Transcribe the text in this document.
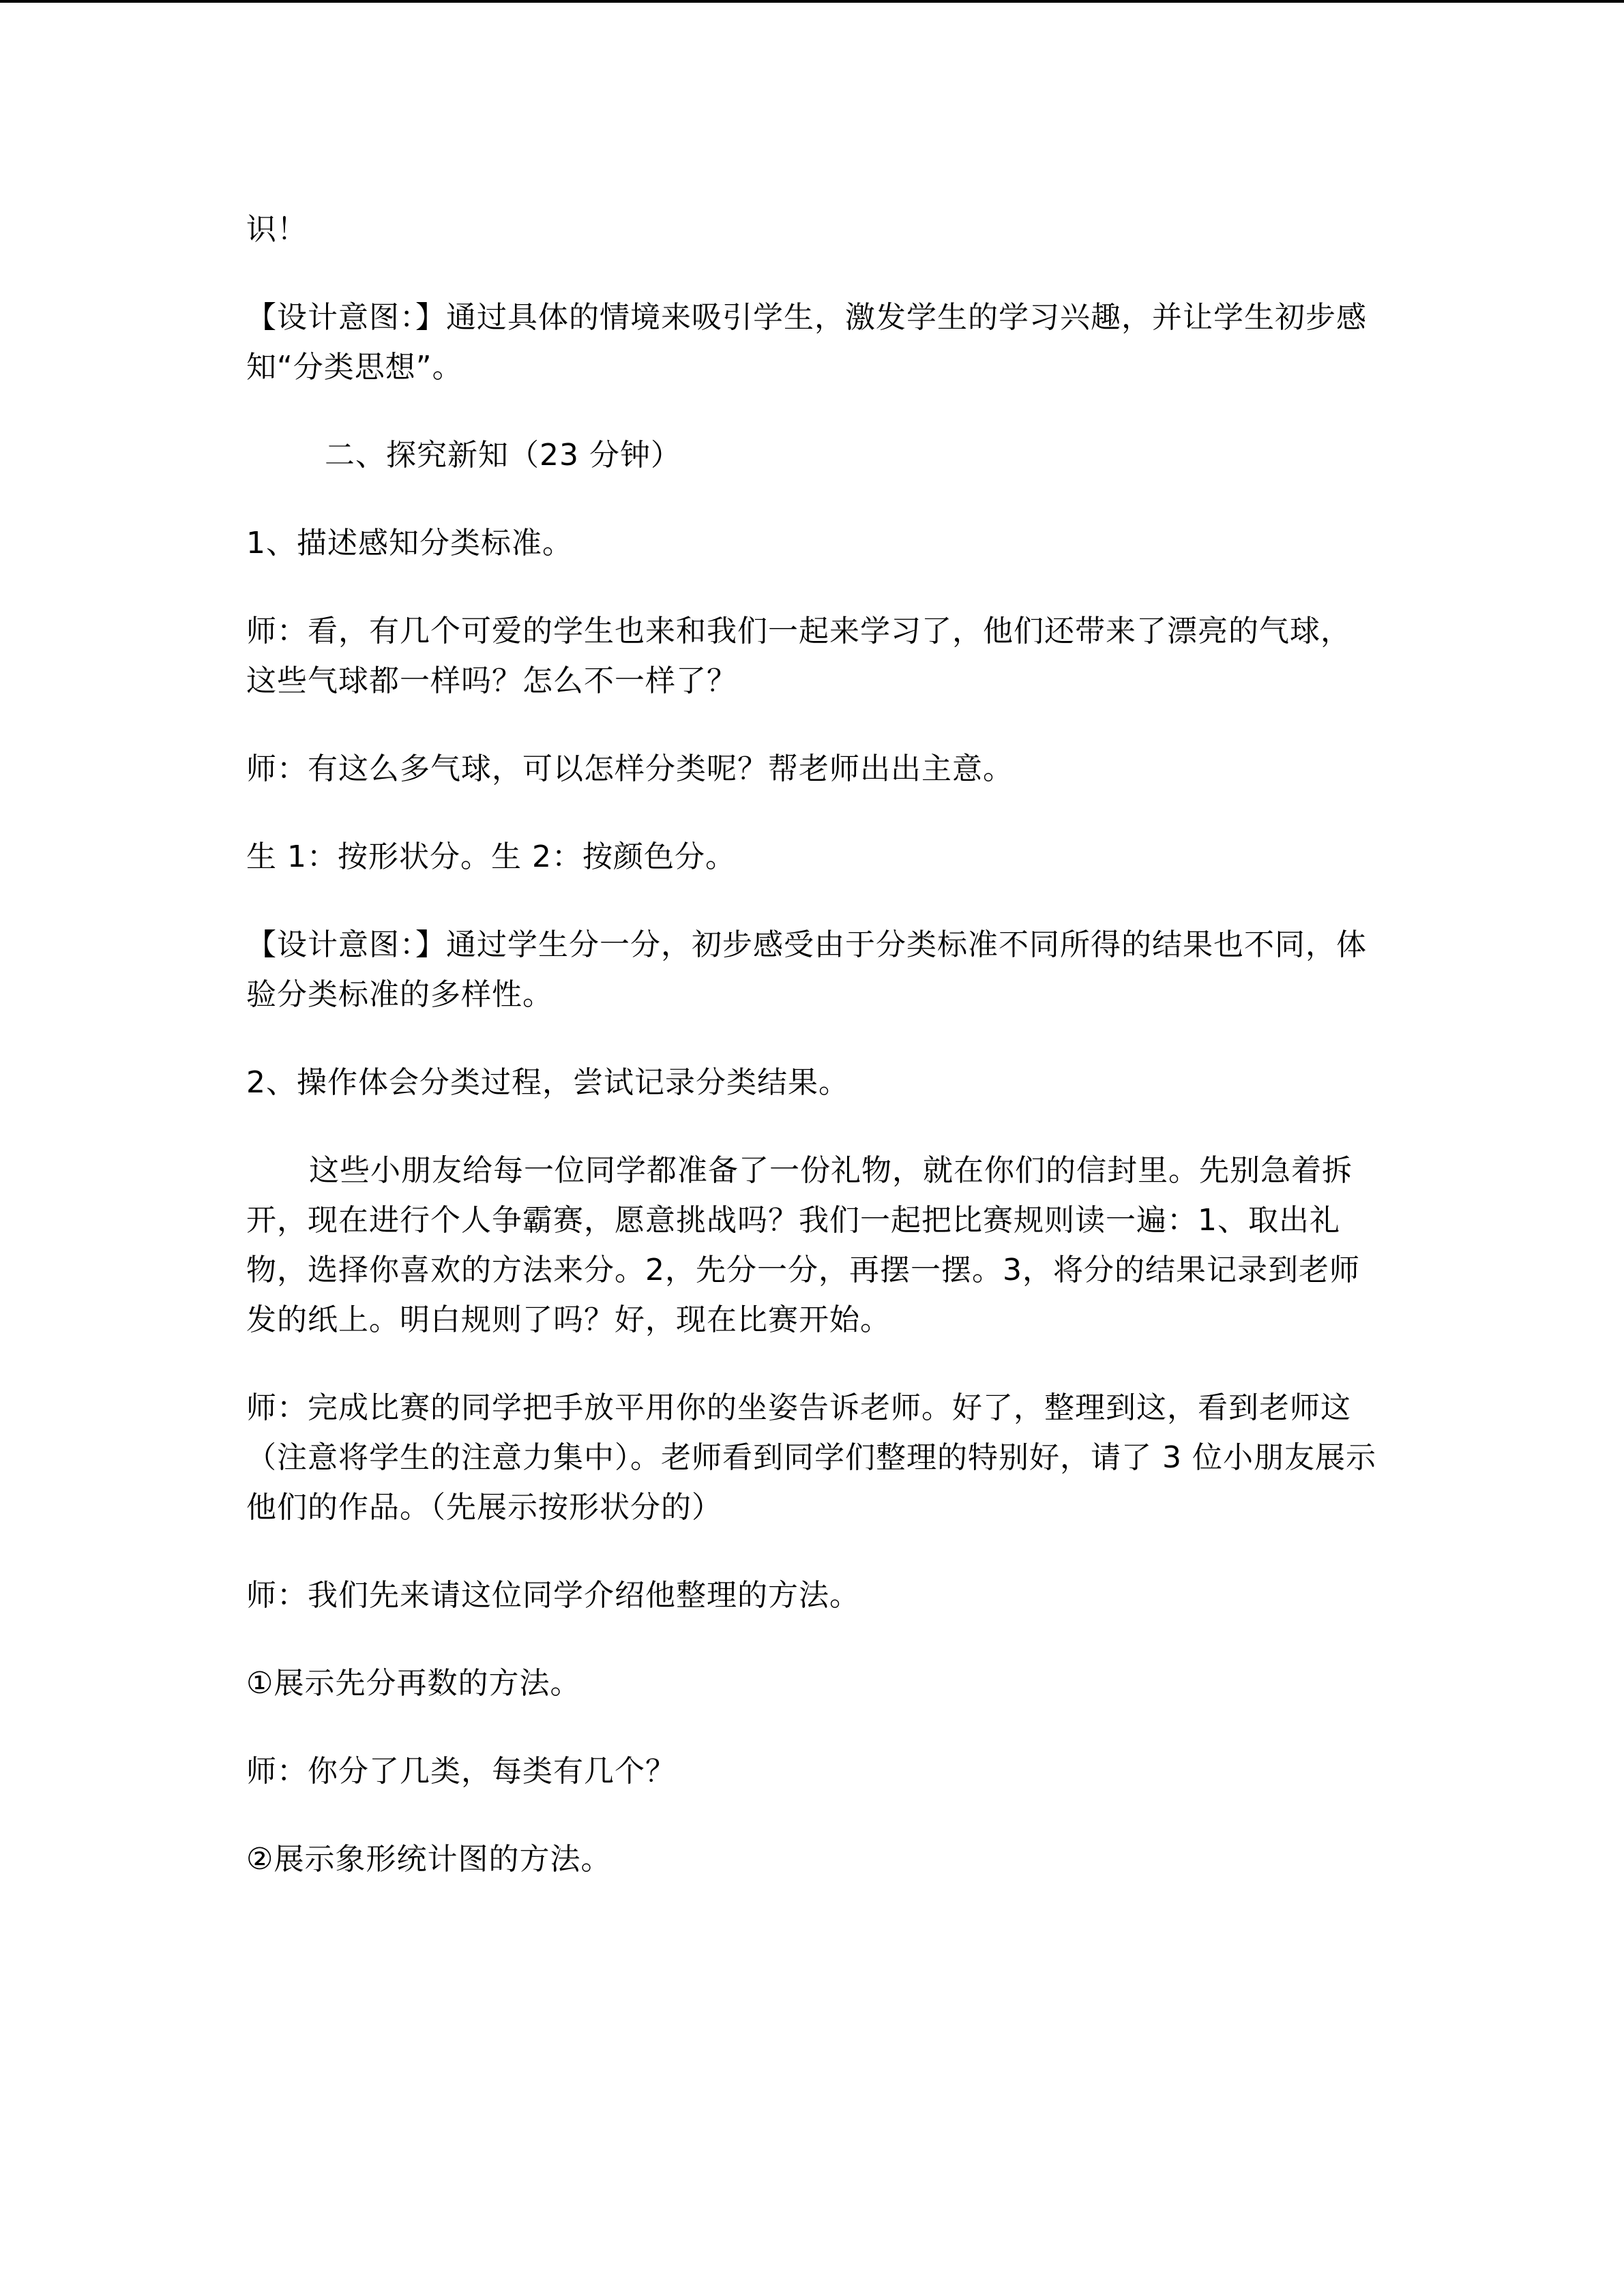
识！

【设计意图：】通过具体的情境来吸引学生，激发学生的学习兴趣，并让学生初步感知“分类思想”。

二、探究新知（23 分钟）

1、描述感知分类标准。

师：看，有几个可爱的学生也来和我们一起来学习了，他们还带来了漂亮的气球，这些气球都一样吗？怎么不一样了？

师：有这么多气球，可以怎样分类呢？帮老师出出主意。

生 1：按形状分。生 2：按颜色分。

【设计意图：】通过学生分一分，初步感受由于分类标准不同所得的结果也不同，体验分类标准的多样性。

2、操作体会分类过程，尝试记录分类结果。

这些小朋友给每一位同学都准备了一份礼物，就在你们的信封里。先别急着拆开，现在进行个人争霸赛，愿意挑战吗？我们一起把比赛规则读一遍：1、取出礼物，选择你喜欢的方法来分。2，先分一分，再摆一摆。3，将分的结果记录到老师发的纸上。明白规则了吗？好，现在比赛开始。

师：完成比赛的同学把手放平用你的坐姿告诉老师。好了，整理到这，看到老师这（注意将学生的注意力集中）。老师看到同学们整理的特别好，请了 3 位小朋友展示他们的作品。（先展示按形状分的）

师：我们先来请这位同学介绍他整理的方法。

①展示先分再数的方法。

师：你分了几类，每类有几个？

②展示象形统计图的方法。
